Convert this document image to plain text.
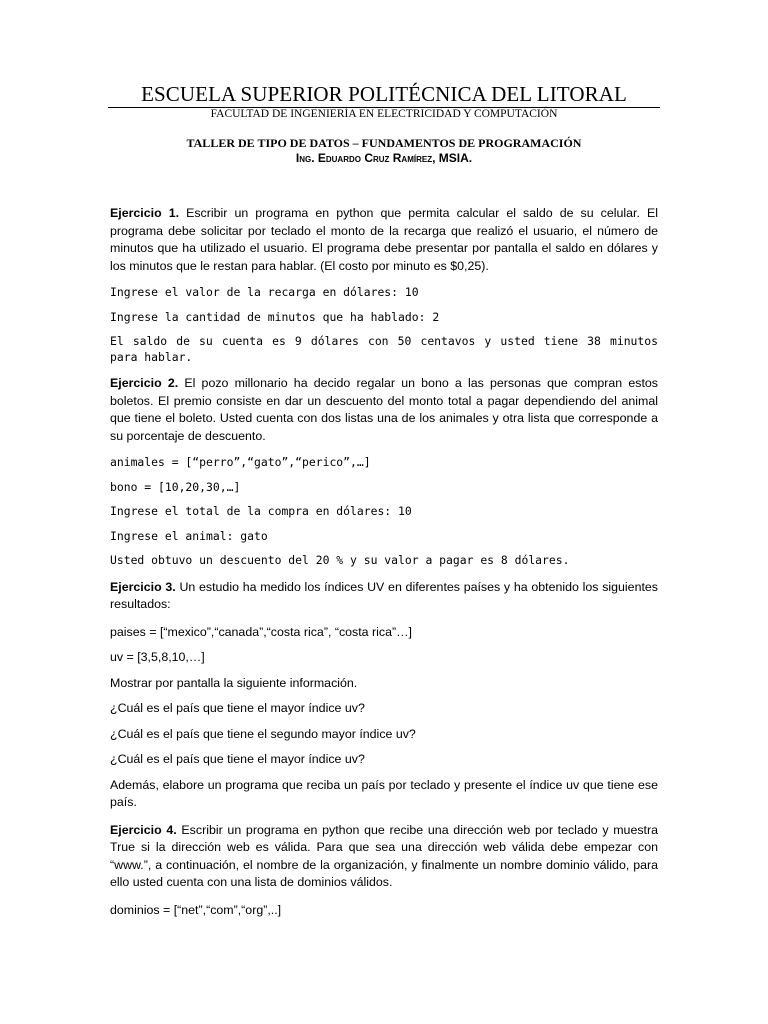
ESCUELA SUPERIOR POLITÉCNICA DEL LITORAL
FACULTAD DE INGENIERÍA EN ELECTRICIDAD Y COMPUTACIÓN
TALLER DE TIPO DE DATOS – FUNDAMENTOS DE PROGRAMACIÓN
Ing. Eduardo Cruz Ramírez, MSIA.

Ejercicio 1. Escribir un programa en python que permita calcular el saldo de su celular. El programa debe solicitar por teclado el monto de la recarga que realizó el usuario, el número de minutos que ha utilizado el usuario. El programa debe presentar por pantalla el saldo en dólares y los minutos que le restan para hablar. (El costo por minuto es $0,25).

Ingrese el valor de la recarga en dólares: 10
Ingrese la cantidad de minutos que ha hablado: 2
El saldo de su cuenta es 9 dólares con 50 centavos y usted tiene 38 minutos para hablar.

Ejercicio 2. El pozo millonario ha decido regalar un bono a las personas que compran estos boletos. El premio consiste en dar un descuento del monto total a pagar dependiendo del animal que tiene el boleto. Usted cuenta con dos listas una de los animales y otra lista que corresponde a su porcentaje de descuento.

animales = [“perro”,“gato”,“perico”,…]
bono = [10,20,30,…]
Ingrese el total de la compra en dólares: 10
Ingrese el animal: gato
Usted obtuvo un descuento del 20 % y su valor a pagar es 8 dólares.

Ejercicio 3. Un estudio ha medido los índices UV en diferentes países y ha obtenido los siguientes resultados:

paises = [“mexico”,“canada”,“costa rica”, “costa rica”…]

uv = [3,5,8,10,…]

Mostrar por pantalla la siguiente información.

¿Cuál es el país que tiene el mayor índice uv?

¿Cuál es el país que tiene el segundo mayor índice uv?

¿Cuál es el país que tiene el mayor índice uv?

Además, elabore un programa que reciba un país por teclado y presente el índice uv que tiene ese país.

Ejercicio 4. Escribir un programa en python que recibe una dirección web por teclado y muestra True si la dirección web es válida. Para que sea una dirección web válida debe empezar con “www.”, a continuación, el nombre de la organización, y finalmente un nombre dominio válido, para ello usted cuenta con una lista de dominios válidos.

dominios = [“net”,“com”,“org”,..]
